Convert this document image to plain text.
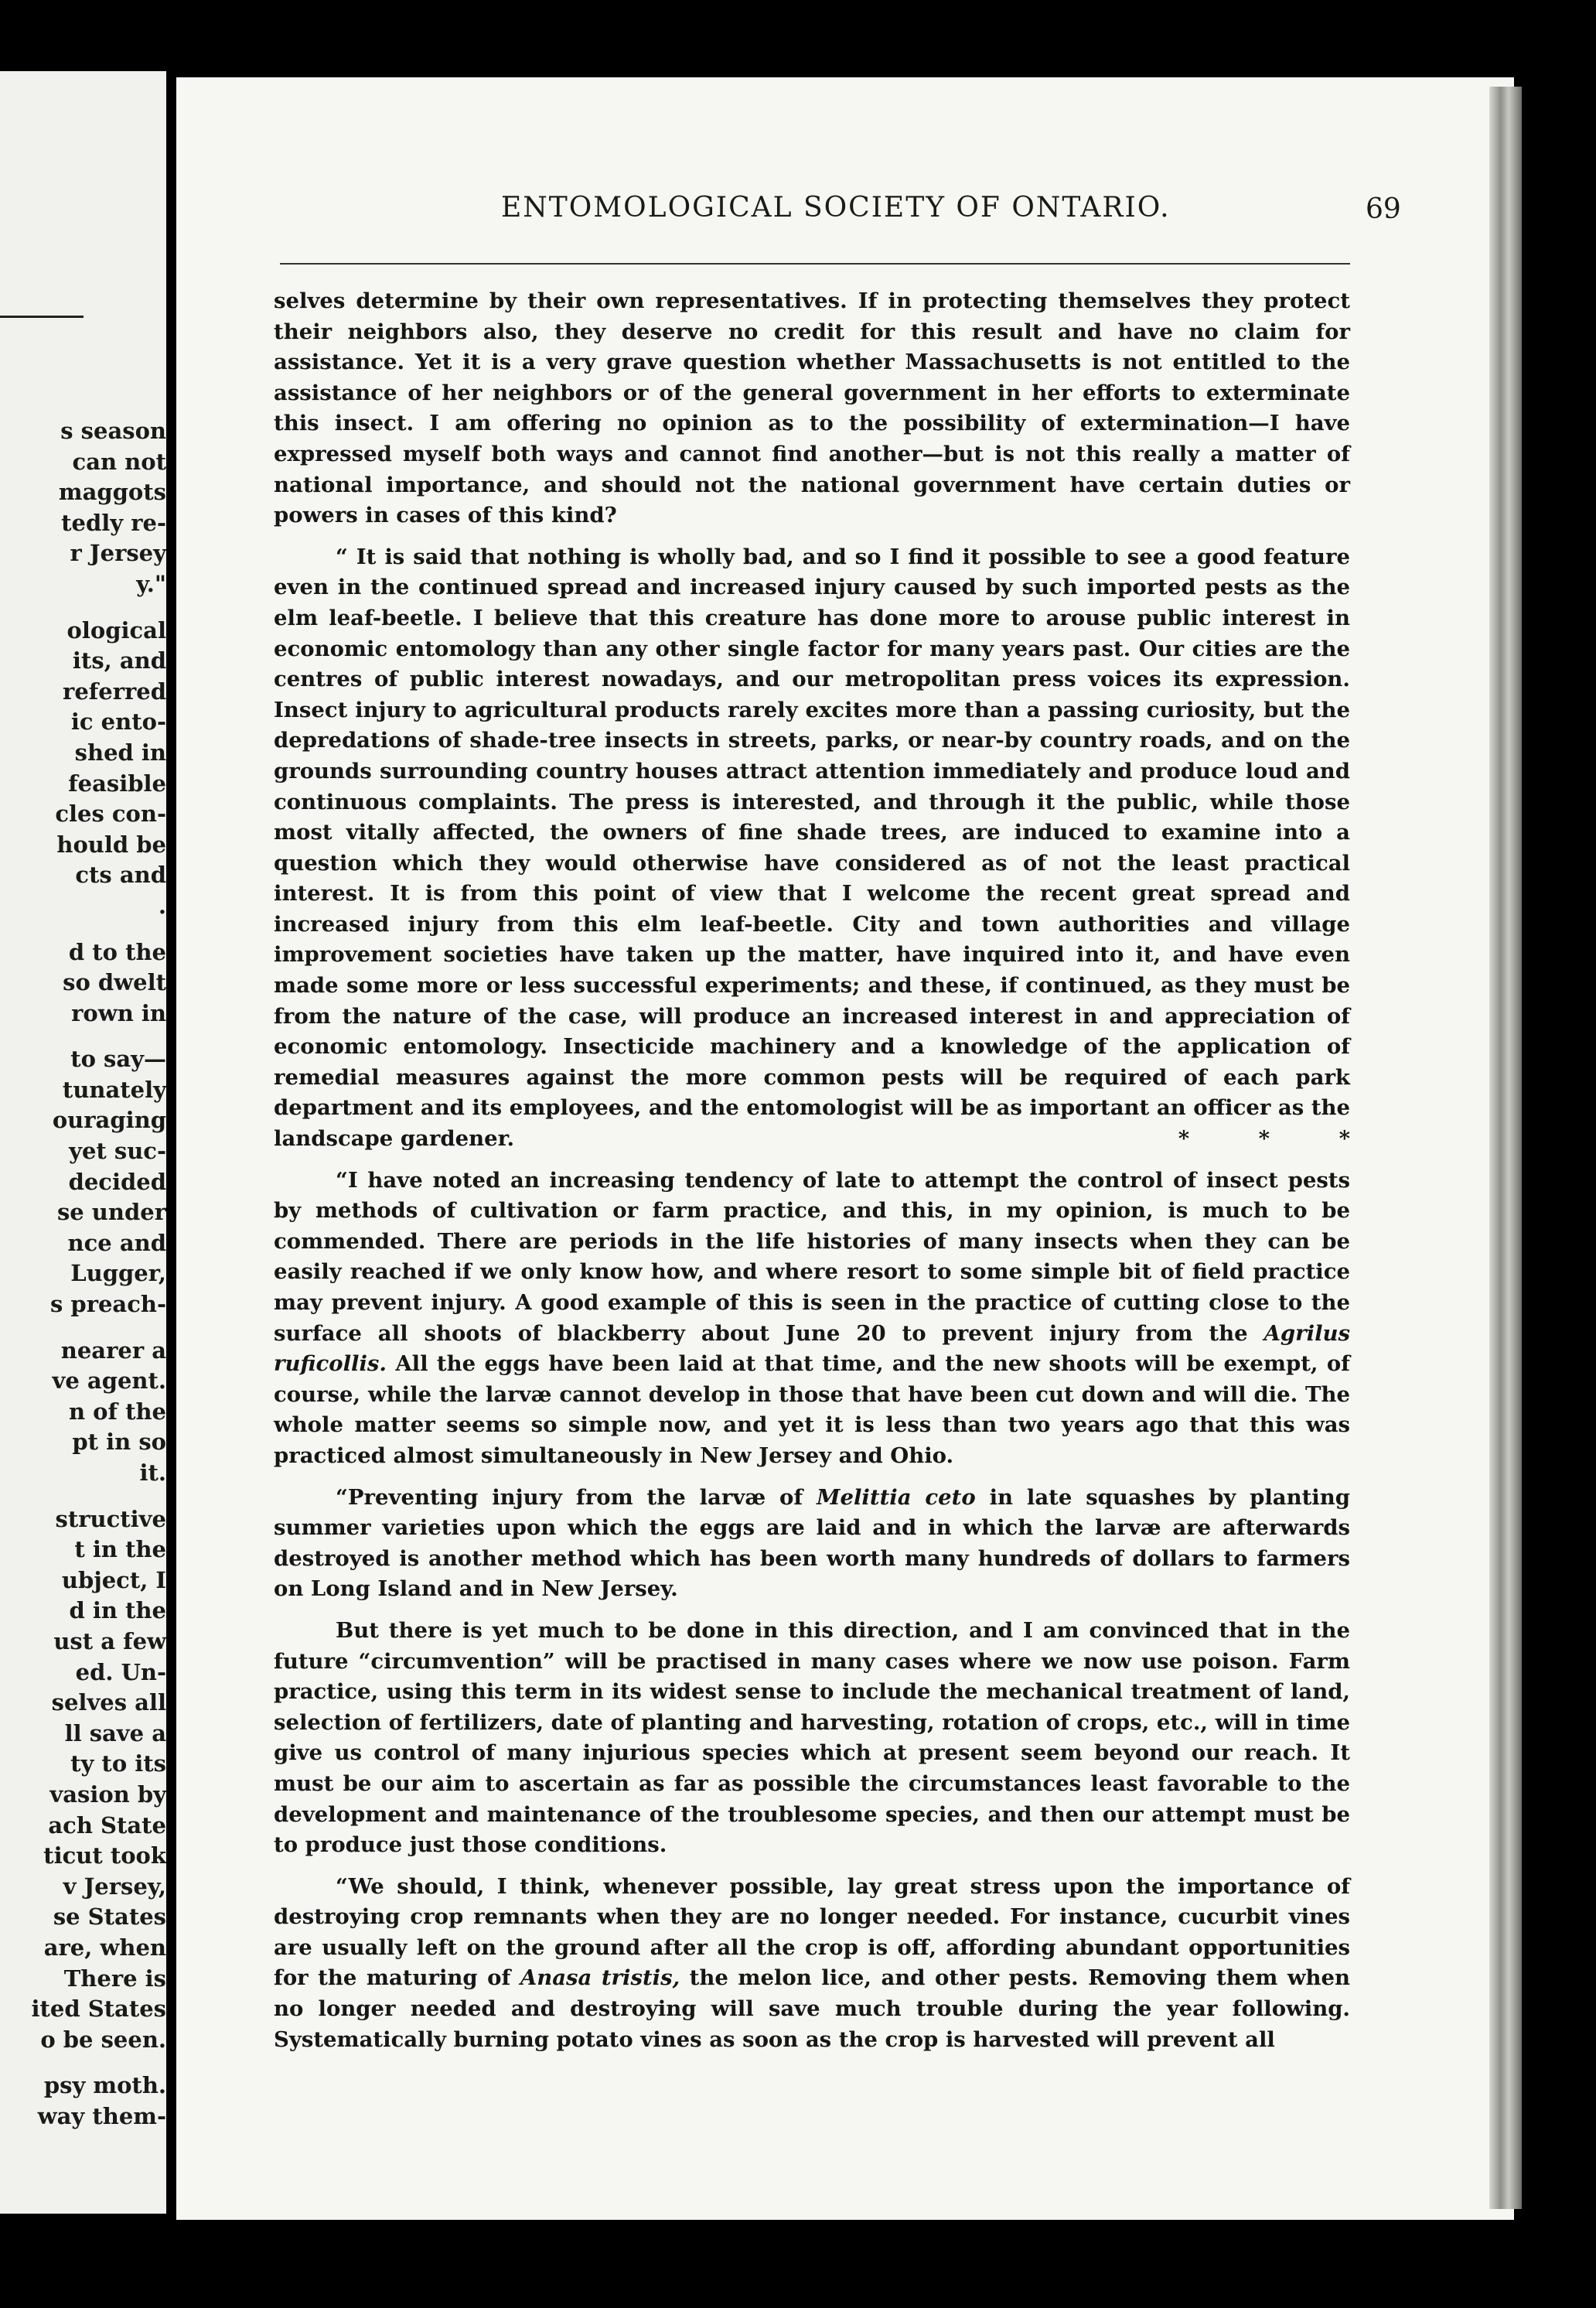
s season
can not
maggots
tedly re-
r Jersey
y."
ological
its, and
referred
ic ento-
shed in
feasible
cles con-
hould be
cts and
.
d to the
so dwelt
rown in
to say—
tunately
ouraging
yet suc-
decided
se under
nce and
Lugger,
s preach-
nearer a
ve agent.
n of the
pt in so
it.
structive
t in the
ubject, I
d in the
ust a few
ed. Un-
selves all
ll save a
ty to its
vasion by
ach State
ticut took
v Jersey,
se States
are, when
There is
ited States
o be seen.
psy moth.
way them-
ENTOMOLOGICAL SOCIETY OF ONTARIO.	69

selves determine by their own representatives. If in protecting themselves they protect their neighbors also, they deserve no credit for this result and have no claim for assistance. Yet it is a very grave question whether Massachusetts is not entitled to the assistance of her neighbors or of the general government in her efforts to exterminate this insect. I am offering no opinion as to the possibility of extermination—I have expressed myself both ways and cannot find another—but is not this really a matter of national importance, and should not the national government have certain duties or powers in cases of this kind?

“ It is said that nothing is wholly bad, and so I find it possible to see a good feature even in the continued spread and increased injury caused by such imported pests as the elm leaf-beetle. I believe that this creature has done more to arouse public interest in economic entomology than any other single factor for many years past. Our cities are the centres of public interest nowadays, and our metropolitan press voices its expression. Insect injury to agricultural products rarely excites more than a passing curiosity, but the depredations of shade-tree insects in streets, parks, or near-by country roads, and on the grounds surrounding country houses attract attention immediately and produce loud and continuous complaints. The press is interested, and through it the public, while those most vitally affected, the owners of fine shade trees, are induced to examine into a question which they would otherwise have considered as of not the least practical interest. It is from this point of view that I welcome the recent great spread and increased injury from this elm leaf-beetle. City and town authorities and village improvement societies have taken up the matter, have inquired into it, and have even made some more or less successful experiments; and these, if continued, as they must be from the nature of the case, will produce an increased interest in and appreciation of economic entomology. Insecticide machinery and a knowledge of the application of remedial measures against the more common pests will be required of each park department and its employees, and the entomologist will be as important an officer as the landscape gardener.	* * *

“I have noted an increasing tendency of late to attempt the control of insect pests by methods of cultivation or farm practice, and this, in my opinion, is much to be commended. There are periods in the life histories of many insects when they can be easily reached if we only know how, and where resort to some simple bit of field practice may prevent injury. A good example of this is seen in the practice of cutting close to the surface all shoots of blackberry about June 20 to prevent injury from the Agrilus ruficollis. All the eggs have been laid at that time, and the new shoots will be exempt, of course, while the larvæ cannot develop in those that have been cut down and will die. The whole matter seems so simple now, and yet it is less than two years ago that this was practiced almost simultaneously in New Jersey and Ohio.

“Preventing injury from the larvæ of Melittia ceto in late squashes by planting summer varieties upon which the eggs are laid and in which the larvæ are afterwards destroyed is another method which has been worth many hundreds of dollars to farmers on Long Island and in New Jersey.

But there is yet much to be done in this direction, and I am convinced that in the future “circumvention” will be practised in many cases where we now use poison. Farm practice, using this term in its widest sense to include the mechanical treatment of land, selection of fertilizers, date of planting and harvesting, rotation of crops, etc., will in time give us control of many injurious species which at present seem beyond our reach. It must be our aim to ascertain as far as possible the circumstances least favorable to the development and maintenance of the troublesome species, and then our attempt must be to produce just those conditions.

“We should, I think, whenever possible, lay great stress upon the importance of destroying crop remnants when they are no longer needed. For instance, cucurbit vines are usually left on the ground after all the crop is off, affording abundant opportunities for the maturing of Anasa tristis, the melon lice, and other pests. Removing them when no longer needed and destroying will save much trouble during the year following. Systematically burning potato vines as soon as the crop is harvested will prevent all
